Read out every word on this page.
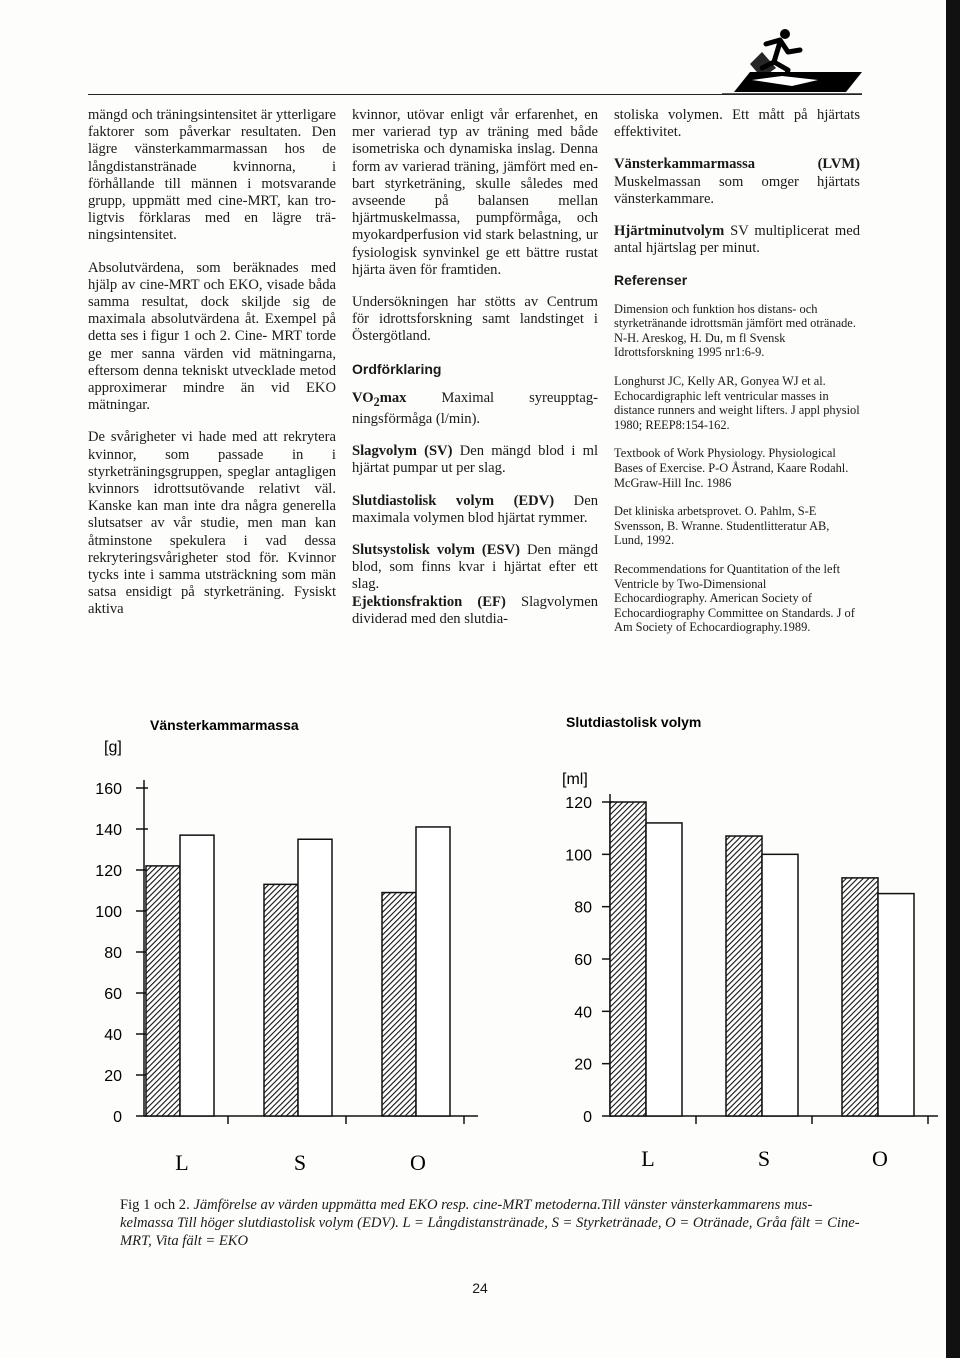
mängd och träningsintensitet är ytterligare faktorer som påverkar resultaten. Den lägre vänsterkammarmassan hos de långdistanstränade kvinnorna, i förhållande till männen i motsvarande grupp, uppmätt med cine-MRT, kan troligtvis förklaras med en lägre träningsintensitet.

Absolutvärdena, som beräknades med hjälp av cine-MRT och EKO, visade båda samma resultat, dock skiljde sig de maximala absolutvärdena åt. Exempel på detta ses i figur 1 och 2. Cine- MRT torde ge mer sanna värden vid mätningarna, eftersom denna tekniskt utvecklade metod approximerar mindre än vid EKO mätningar.

De svårigheter vi hade med att rekrytera kvinnor, som passade in i styrketräningsgruppen, speglar antagligen kvinnors idrottsutövande relativt väl. Kanske kan man inte dra några generella slutsatser av vår studie, men man kan åtminstone spekulera i vad dessa rekryteringsvårigheter stod för. Kvinnor tycks inte i samma utsträckning som män satsa ensidigt på styrketräning. Fysiskt aktiva

kvinnor, utövar enligt vår erfarenhet, en mer varierad typ av träning med både isometriska och dynamiska inslag. Denna form av varierad träning, jämfört med enbart styrketräning, skulle således med avseende på balansen mellan hjärtmuskelmassa, pumpförmåga, och myokardperfusion vid stark belastning, ur fysiologisk synvinkel ge ett bättre rustat hjärta även för framtiden.

Undersökningen har stötts av Centrum för idrottsforskning samt landstinget i Östergötland.

Ordförklaring

$VO_2\max$ Maximal syreupptagningsförmåga (l/min).

Slagvolym (SV) Den mängd blod i ml hjärtat pumpar ut per slag.

Slutdiastolisk volym (EDV) Den maximala volymen blod hjärtat rymmer.

Slutsystolisk volym (ESV) Den mängd blod, som finns kvar i hjärtat efter ett slag.

Ejektionsfraktion (EF) Slagvolymen dividerad med den slutdia-

stoliska volymen. Ett mått på hjärtats effektivitet.

Vänsterkammarmassa (LVM) Muskelmassan som omger hjärtats vänsterkammare.

Hjärtminutvolym SV multiplicerat med antal hjärtslag per minut.

Referenser
Dimension och funktion hos distans- och styrketränande idrottsmän jämfört med otränade. N-H. Areskog, H. Du, m fl Svensk Idrottsforskning 1995 nr1:6-9.
Longhurst JC, Kelly AR, Gonyea WJ et al. Echocardigraphic left ventricular masses in distance runners and weight lifters. J appl physiol 1980; REEP8:154-162.
Textbook of Work Physiology. Physiological Bases of Exercise. P-O Åstrand, Kaare Rodahl. McGraw-Hill Inc. 1986
Det kliniska arbetsprovet. O. Pahlm, S-E Svensson, B. Wranne. Studentlitteratur AB, Lund, 1992.
Recommendations for Quantitation of the left Ventricle by Two-Dimensional Echocardiography. American Society of Echocardiography Committee on Standards. J of Am Society of Echocardiography.1989.
Vänsterkammarmassa
[g]
0
20
40
60
80
100
120
140
160
L	S	O
Slutdiastolisk volym
[ml]
0
20
40
60
80
100
120
L	S	O
Fig 1 och 2. Jämförelse av värden uppmätta med EKO resp. cine-MRT metoderna.Till vänster vänsterkammarens muskelmassa Till höger slutdiastolisk volym (EDV). L = Långdistanstränade, S = Styrketränade, O = Otränade, Gråa fält = Cine-MRT, Vita fält = EKO
24
